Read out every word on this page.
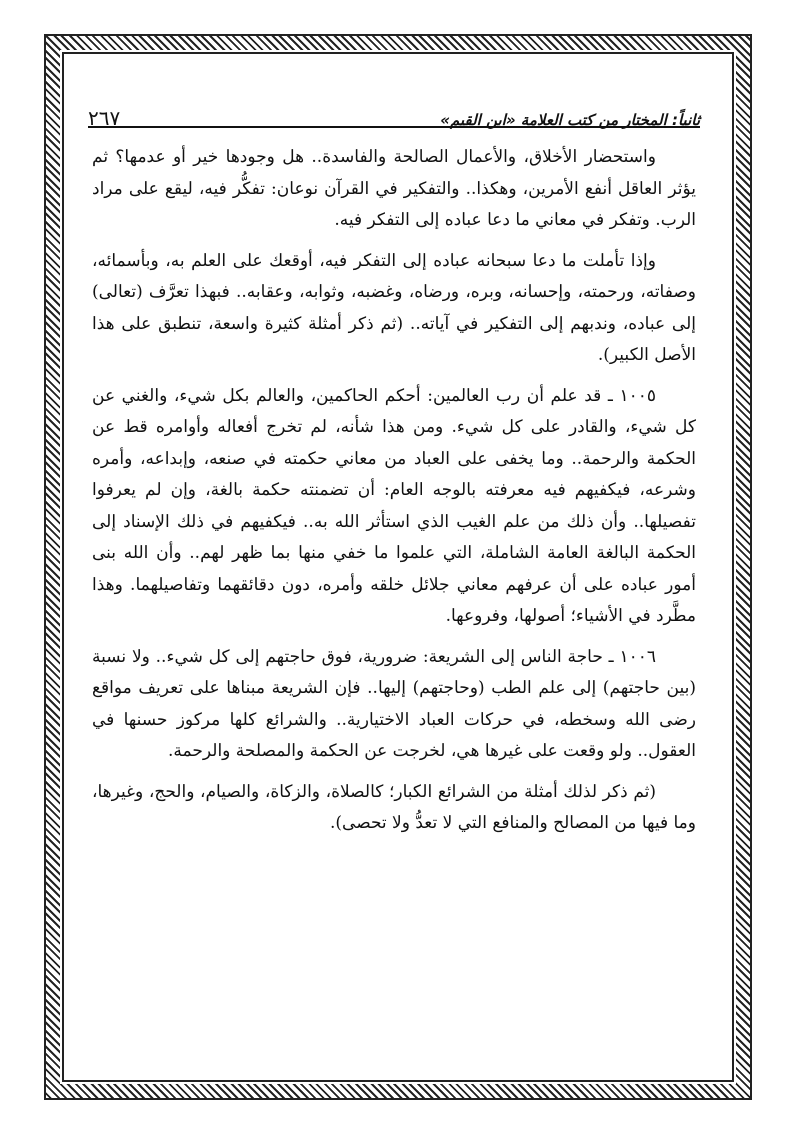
ثانياً: المختار من كتب العلامة «ابن القيم»
٢٦٧

واستحضار الأخلاق، والأعمال الصالحة والفاسدة.. هل وجودها خير أو عدمها؟ ثم يؤثر العاقل أنفع الأمرين، وهكذا.. والتفكير في القرآن نوعان: تفكُّر فيه، ليقع على مراد الرب. وتفكر في معاني ما دعا عباده إلى التفكر فيه.

وإذا تأملت ما دعا سبحانه عباده إلى التفكر فيه، أوقعك على العلم به، وبأسمائه، وصفاته، ورحمته، وإحسانه، وبره، ورضاه، وغضبه، وثوابه، وعقابه.. فبهذا تعرَّف (تعالى) إلى عباده، وندبهم إلى التفكير في آياته.. (ثم ذكر أمثلة كثيرة واسعة، تنطبق على هذا الأصل الكبير).

١٠٠٥ ـ قد علم أن رب العالمين: أحكم الحاكمين، والعالم بكل شيء، والغني عن كل شيء، والقادر على كل شيء. ومن هذا شأنه، لم تخرج أفعاله وأوامره قط عن الحكمة والرحمة.. وما يخفى على العباد من معاني حكمته في صنعه، وإبداعه، وأمره وشرعه، فيكفيهم فيه معرفته بالوجه العام: أن تضمنته حكمة بالغة، وإن لم يعرفوا تفصيلها.. وأن ذلك من علم الغيب الذي استأثر الله به.. فيكفيهم في ذلك الإسناد إلى الحكمة البالغة العامة الشاملة، التي علموا ما خفي منها بما ظهر لهم.. وأن الله بنى أمور عباده على أن عرفهم معاني جلائل خلقه وأمره، دون دقائقهما وتفاصيلهما. وهذا مطَّرد في الأشياء؛ أصولها، وفروعها.

١٠٠٦ ـ حاجة الناس إلى الشريعة: ضرورية، فوق حاجتهم إلى كل شيء.. ولا نسبة (بين حاجتهم) إلى علم الطب (وحاجتهم) إليها.. فإن الشريعة مبناها على تعريف مواقع رضى الله وسخطه، في حركات العباد الاختيارية.. والشرائع كلها مركوز حسنها في العقول.. ولو وقعت على غيرها هي، لخرجت عن الحكمة والمصلحة والرحمة.

(ثم ذكر لذلك أمثلة من الشرائع الكبار؛ كالصلاة، والزكاة، والصيام، والحج، وغيرها، وما فيها من المصالح والمنافع التي لا تعدُّ ولا تحصى).
